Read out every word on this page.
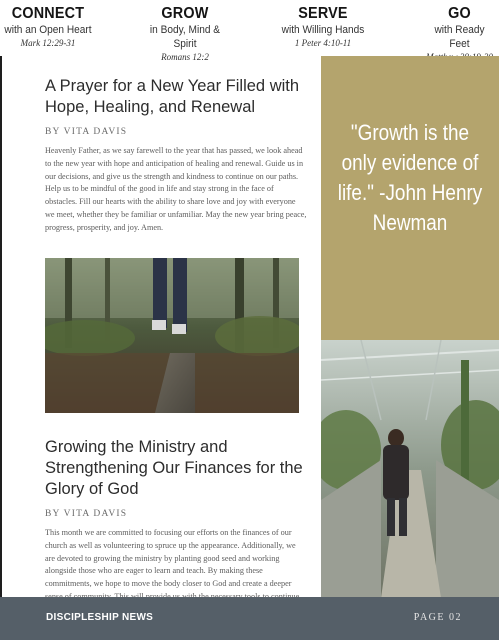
CONNECT
with an Open Heart
Mark 12:29-31
GROW
in Body, Mind & Spirit
Romans 12:2
SERVE
with Willing Hands
1 Peter 4:10-11
GO
with Ready Feet
A Prayer for a New Year Filled with Hope, Healing, and Renewal
BY VITA DAVIS

Heavenly Father, as we say farewell to the year that has passed, we look ahead to the new year with hope and anticipation of healing and renewal. Guide us in our decisions, and give us the strength and kindness to continue on our paths. Help us to be mindful of the good in life and stay strong in the face of obstacles. Fill our hearts with the ability to share love and joy with everyone we meet, whether they be familiar or unfamiliar. May the new year bring peace, progress, prosperity, and joy. Amen.

Growing the Ministry and Strengthening Our Finances for the Glory of God
BY VITA DAVIS

This month we are committed to focusing our efforts on the finances of our church as well as volunteering to spruce up the appearance. Additionally, we are devoted to growing the ministry by planting good seed and working alongside those who are eager to learn and teach. By making these commitments, we hope to move the body closer to God and create a deeper

"Growth is the only evidence of life." -John Henry Newman
DISCIPLESHIP NEWS	PAGE 02
